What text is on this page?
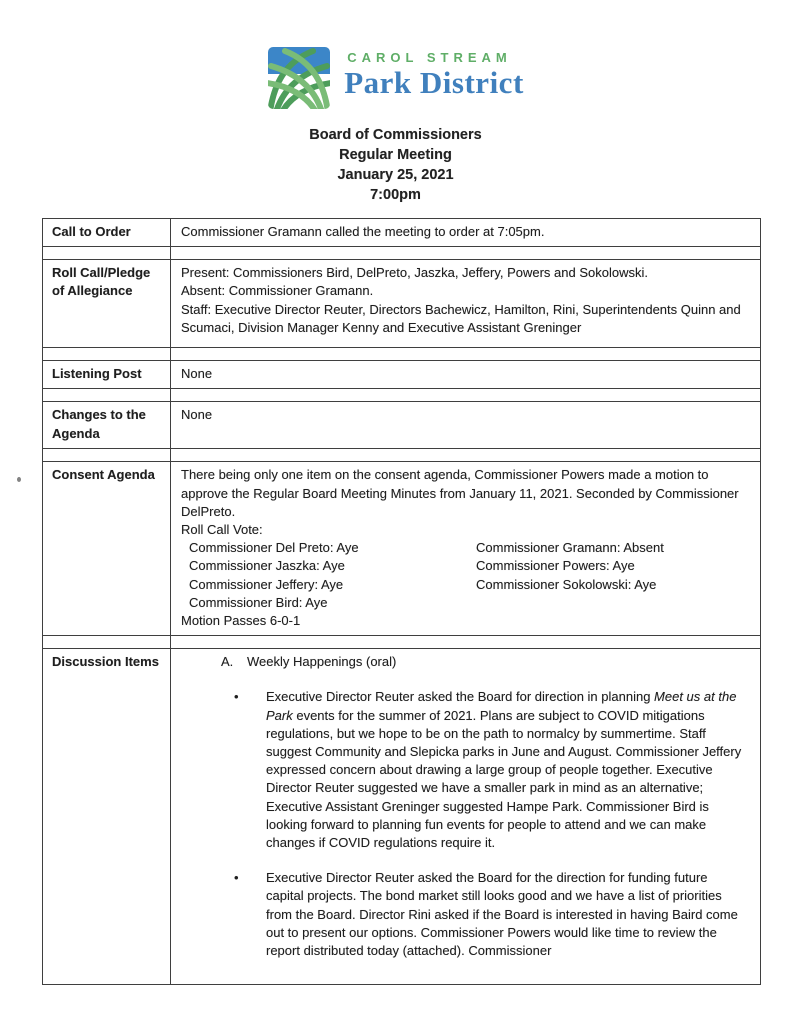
CAROL STREAM
Park District
Board of Commissioners
Regular Meeting
January 25, 2021
7:00pm
Call to Order	Commissioner Gramann called the meeting to order at 7:05pm.

Roll Call/Pledge of Allegiance	Present: Commissioners Bird, DelPreto, Jaszka, Jeffery, Powers and Sokolowski.
Absent: Commissioner Gramann.
Staff: Executive Director Reuter, Directors Bachewicz, Hamilton, Rini, Superintendents Quinn and Scumaci, Division Manager Kenny and Executive Assistant Greninger

Listening Post	None

Changes to the Agenda	None

Consent Agenda	There being only one item on the consent agenda, Commissioner Powers made a motion to approve the Regular Board Meeting Minutes from January 11, 2021. Seconded by Commissioner DelPreto.
Roll Call Vote:
Commissioner Del Preto: Aye	Commissioner Gramann: Absent
Commissioner Jaszka: Aye	Commissioner Powers: Aye
Commissioner Jeffery: Aye	Commissioner Sokolowski: Aye
Commissioner Bird: Aye
Motion Passes 6-0-1

Discussion Items	A.	Weekly Happenings (oral)
•	Executive Director Reuter asked the Board for direction in planning Meet us at the Park events for the summer of 2021. Plans are subject to COVID mitigations regulations, but we hope to be on the path to normalcy by summertime. Staff suggest Community and Slepicka parks in June and August. Commissioner Jeffery expressed concern about drawing a large group of people together. Executive Director Reuter suggested we have a smaller park in mind as an alternative; Executive Assistant Greninger suggested Hampe Park. Commissioner Bird is looking forward to planning fun events for people to attend and we can make changes if COVID regulations require it.
•	Executive Director Reuter asked the Board for the direction for funding future capital projects. The bond market still looks good and we have a list of priorities from the Board. Director Rini asked if the Board is interested in having Baird come out to present our options. Commissioner Powers would like time to review the report distributed today (attached). Commissioner
